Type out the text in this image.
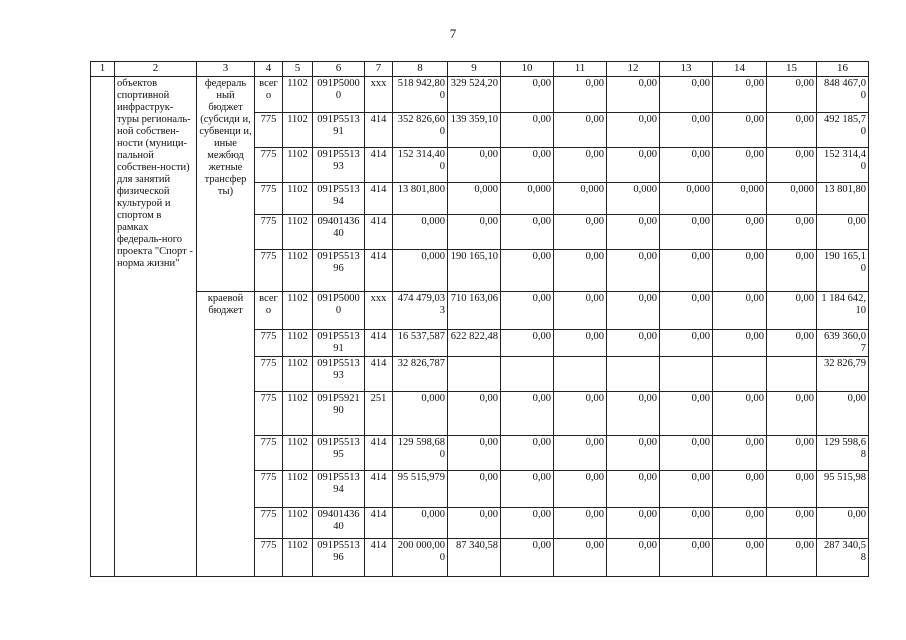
7
1	2	3	4	5	6	7	8	9	10	11	12	13	14	15	16
	объектов спортивной инфраструк-туры региональ-ной собствен-ности (муници-пальной собствен-ности) для занятий физической культурой и спортом в рамках федераль-ного проекта "Спорт - норма жизни"	федераль ный бюджет (субсиди и, субвенци и, иные межбюд жетные трансфер ты)	всего	1102	091P50000	xxx	518 942,800	329 524,20	0,00	0,00	0,00	0,00	0,00	0,00	848 467,00
			775	1102	091P551391	414	352 826,600	139 359,10	0,00	0,00	0,00	0,00	0,00	0,00	492 185,70
			775	1102	091P551393	414	152 314,400	0,00	0,00	0,00	0,00	0,00	0,00	0,00	152 314,40
			775	1102	091P551394	414	13 801,800	0,000	0,000	0,000	0,000	0,000	0,000	0,000	13 801,80
			775	1102	0940143640	414	0,000	0,00	0,00	0,00	0,00	0,00	0,00	0,00	0,00
			775	1102	091P551396	414	0,000	190 165,10	0,00	0,00	0,00	0,00	0,00	0,00	190 165,10
		краевой бюджет	всего	1102	091P50000	xxx	474 479,033	710 163,06	0,00	0,00	0,00	0,00	0,00	0,00	1 184 642,10
			775	1102	091P551391	414	16 537,587	622 822,48	0,00	0,00	0,00	0,00	0,00	0,00	639 360,07
			775	1102	091P551393	414	32 826,787								32 826,79
			775	1102	091P592190	251	0,000	0,00	0,00	0,00	0,00	0,00	0,00	0,00	0,00
			775	1102	091P551395	414	129 598,680	0,00	0,00	0,00	0,00	0,00	0,00	0,00	129 598,68
			775	1102	091P551394	414	95 515,979	0,00	0,00	0,00	0,00	0,00	0,00	0,00	95 515,98
			775	1102	0940143640	414	0,000	0,00	0,00	0,00	0,00	0,00	0,00	0,00	0,00
			775	1102	091P551396	414	200 000,000	87 340,58	0,00	0,00	0,00	0,00	0,00	0,00	287 340,58
